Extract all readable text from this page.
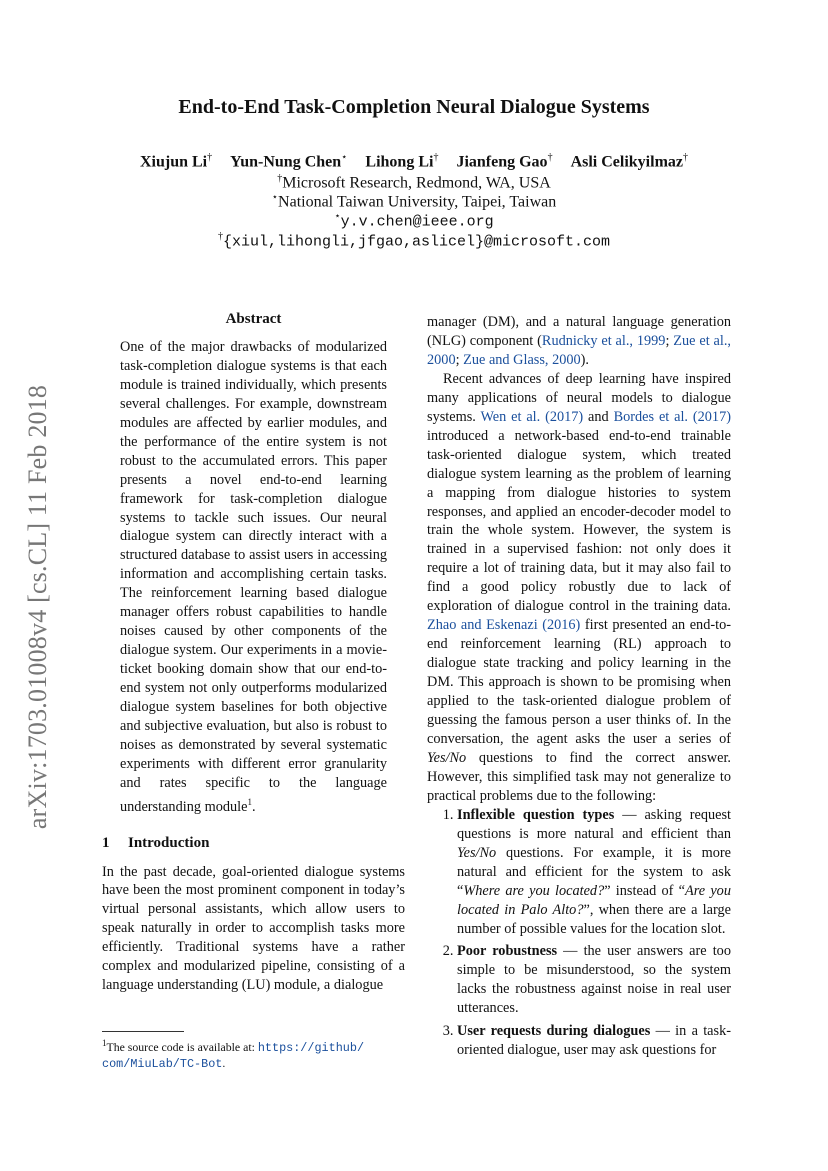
arXiv:1703.01008v4 [cs.CL] 11 Feb 2018
End-to-End Task-Completion Neural Dialogue Systems
Xiujun Li† Yun-Nung Chen⋆ Lihong Li† Jianfeng Gao† Asli Celikyilmaz†
†Microsoft Research, Redmond, WA, USA
⋆National Taiwan University, Taipei, Taiwan
⋆y.v.chen@ieee.org
†{xiul,lihongli,jfgao,aslicel}@microsoft.com
Abstract

One of the major drawbacks of modularized task-completion dialogue systems is that each module is trained individually, which presents several challenges. For example, downstream modules are affected by earlier modules, and the performance of the entire system is not robust to the accumulated errors. This paper presents a novel end-to-end learning framework for task-completion dialogue systems to tackle such issues. Our neural dialogue system can directly interact with a structured database to assist users in accessing information and accomplishing certain tasks. The reinforcement learning based dialogue manager offers robust capabilities to handle noises caused by other components of the dialogue system. Our experiments in a movie-ticket booking domain show that our end-to-end system not only outperforms modularized dialogue system baselines for both objective and subjective evaluation, but also is robust to noises as demonstrated by several systematic experiments with different error granularity and rates specific to the language understanding module$^1$.

1 Introduction

In the past decade, goal-oriented dialogue systems have been the most prominent component in today’s virtual personal assistants, which allow users to speak naturally in order to accomplish tasks more efficiently. Traditional systems have a rather complex and modularized pipeline, consisting of a language understanding (LU) module, a dialogue

$^1$The source code is available at: https://github/ com/MiuLab/TC-Bot.

manager (DM), and a natural language generation (NLG) component (Rudnicky et al., 1999; Zue et al., 2000; Zue and Glass, 2000).

Recent advances of deep learning have inspired many applications of neural models to dialogue systems. Wen et al. (2017) and Bordes et al. (2017) introduced a network-based end-to-end trainable task-oriented dialogue system, which treated dialogue system learning as the problem of learning a mapping from dialogue histories to system responses, and applied an encoder-decoder model to train the whole system. However, the system is trained in a supervised fashion: not only does it require a lot of training data, but it may also fail to find a good policy robustly due to lack of exploration of dialogue control in the training data. Zhao and Eskenazi (2016) first presented an end-to-end reinforcement learning (RL) approach to dialogue state tracking and policy learning in the DM. This approach is shown to be promising when applied to the task-oriented dialogue problem of guessing the famous person a user thinks of. In the conversation, the agent asks the user a series of Yes/No questions to find the correct answer. However, this simplified task may not generalize to practical problems due to the following:

1. Inflexible question types — asking request questions is more natural and efficient than Yes/No questions. For example, it is more natural and efficient for the system to ask “Where are you located?” instead of “Are you located in Palo Alto?”, when there are a large number of possible values for the location slot.
2. Poor robustness — the user answers are too simple to be misunderstood, so the system lacks the robustness against noise in real user utterances.
3. User requests during dialogues — in a task-oriented dialogue, user may ask questions for
